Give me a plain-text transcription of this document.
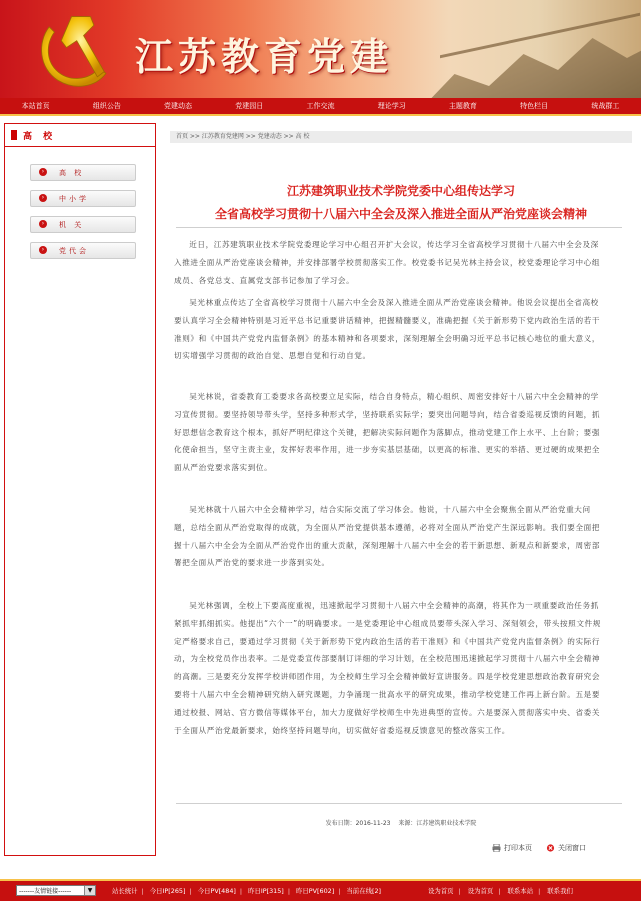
江苏教育党建
本站首页	组织公告	党建动态	党建园日	工作交流	理论学习	主题教育	特色栏目	统战群工
高 校
›	高 校
›	中小学
›	机 关
›	党代会
首页 >> 江苏教育党建网 >> 党建动态 >> 高 校
江苏建筑职业技术学院党委中心组传达学习
全省高校学习贯彻十八届六中全会及深入推进全面从严治党座谈会精神

近日，江苏建筑职业技术学院党委理论学习中心组召开扩大会议，传达学习全省高校学习贯彻十八届六中全会及深入推进全面从严治党座谈会精神，并安排部署学校贯彻落实工作。校党委书记吴光林主持会议，校党委理论学习中心组成员、各党总支、直属党支部书记参加了学习会。

吴光林重点传达了全省高校学习贯彻十八届六中全会及深入推进全面从严治党座谈会精神。他说会议提出全省高校要认真学习全会精神特别是习近平总书记重要讲话精神，把握精髓要义，准确把握《关于新形势下党内政治生活的若干准则》和《中国共产党党内监督条例》的基本精神和各项要求，深刻理解全会明确习近平总书记核心地位的重大意义，切实增强学习贯彻的政治自觉、思想自觉和行动自觉。

吴光林说，省委教育工委要求各高校要立足实际，结合自身特点，精心组织、周密安排好十八届六中全会精神的学习宣传贯彻。要坚持领导带头学，坚持多种形式学，坚持联系实际学；要突出问题导向，结合省委巡视反馈的问题，抓好思想信念教育这个根本，抓好严明纪律这个关键，把解决实际问题作为落脚点，推动党建工作上水平、上台阶；要强化使命担当，坚守主责主业，发挥好表率作用，进一步夯实基层基础，以更高的标准、更实的举措、更过硬的成果把全面从严治党要求落实到位。

吴光林就十八届六中全会精神学习，结合实际交流了学习体会。他说，十八届六中全会聚焦全面从严治党重大问题，总结全面从严治党取得的成就，为全面从严治党提供基本遵循，必将对全面从严治党产生深远影响。我们要全面把握十八届六中全会为全面从严治党作出的重大贡献，深刻理解十八届六中全会的若干新思想、新观点和新要求，周密部署把全面从严治党的要求进一步落到实处。

吴光林强调，全校上下要高度重视，迅速掀起学习贯彻十八届六中全会精神的高潮，将其作为一项重要政治任务抓紧抓牢抓细抓实。他提出“六个一”的明确要求。一是党委理论中心组成员要带头深入学习、深刻领会，带头按照文件规定严格要求自己，要通过学习贯彻《关于新形势下党内政治生活的若干准则》和《中国共产党党内监督条例》的实际行动，为全校党员作出表率。二是党委宣传部要制订详细的学习计划，在全校范围迅速掀起学习贯彻十八届六中全会精神的高潮。三是要充分发挥学校讲师团作用，为全校师生学习全会精神做好宣讲服务。四是学校党建思想政治教育研究会要将十八届六中全会精神研究纳入研究课题，力争涌现一批高水平的研究成果，推动学校党建工作再上新台阶。五是要通过校报、网站、官方微信等媒体平台，加大力度做好学校师生中先进典型的宣传。六是要深入贯彻落实中央、省委关于全面从严治党最新要求，始终坚持问题导向，切实做好省委巡视反馈意见的整改落实工作。

发布日期：2016-11-23 来源：江苏建筑职业技术学院
打印本页	关闭窗口
-------友情链接------	▼	站长统计 | 今日IP[265] | 今日PV[484] | 昨日IP[315] | 昨日PV[602] | 当前在线[2]	设为首页 | 设为首页 | 联系本站 | 联系我们
